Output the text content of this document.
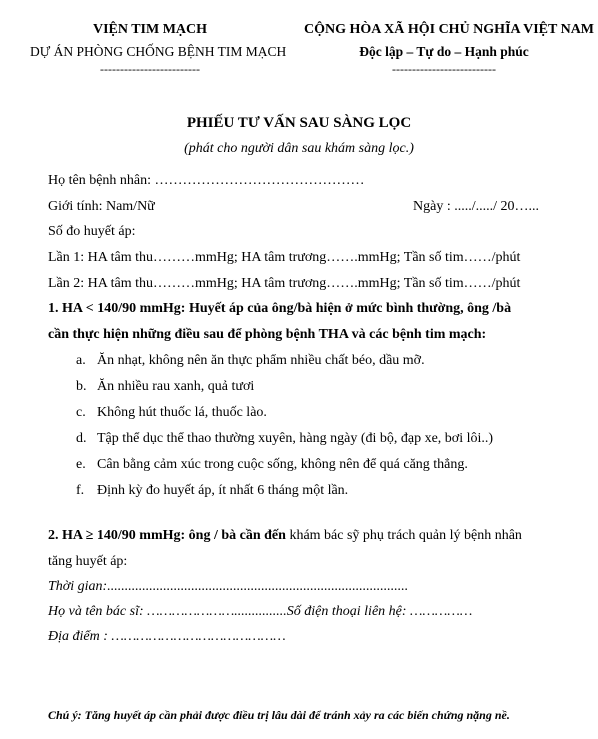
VIỆN TIM MẠCH
DỰ ÁN PHÒNG CHỐNG BỆNH TIM MẠCH
-------------------------
CỘNG HÒA XÃ HỘI CHỦ NGHĨA VIỆT NAM
Độc lập – Tự do – Hạnh phúc
--------------------------
PHIẾU TƯ VẤN SAU SÀNG LỌC
(phát cho người dân sau khám sàng lọc.)
Họ tên bệnh nhân: ………………………………………
Giới tính: Nam/Nữ	Ngày : ...../...../ 20…...
Số đo huyết áp:
Lần 1: HA tâm thu………mmHg; HA tâm trương…….mmHg; Tần số tim……/phút
Lần 2: HA tâm thu………mmHg; HA tâm trương…….mmHg; Tần số tim……/phút
1. HA < 140/90 mmHg: Huyết áp của ông/bà hiện ở mức bình thường, ông /bà
cần thực hiện những điều sau để phòng bệnh THA và các bệnh tim mạch:
a. Ăn nhạt, không nên ăn thực phẩm nhiều chất béo, dầu mỡ.
b. Ăn nhiều rau xanh, quả tươi
c. Không hút thuốc lá, thuốc lào.
d. Tập thể dục thể thao thường xuyên, hàng ngày (đi bộ, đạp xe, bơi lôi..)
e. Cân bằng cảm xúc trong cuộc sống, không nên để quá căng thẳng.
f. Định kỳ đo huyết áp, ít nhất 6 tháng một lần.
2. HA ≥ 140/90 mmHg: ông / bà cần đến khám bác sỹ phụ trách quản lý bệnh nhân
tăng huyết áp:
Thời gian:......................................................................................
Họ và tên bác sĩ: …………………...............Số điện thoại liên hệ: ……………
Địa điểm : ……………………………………
Chú ý: Tăng huyết áp cần phải được điều trị lâu dài để tránh xảy ra các biến chứng nặng nề.
